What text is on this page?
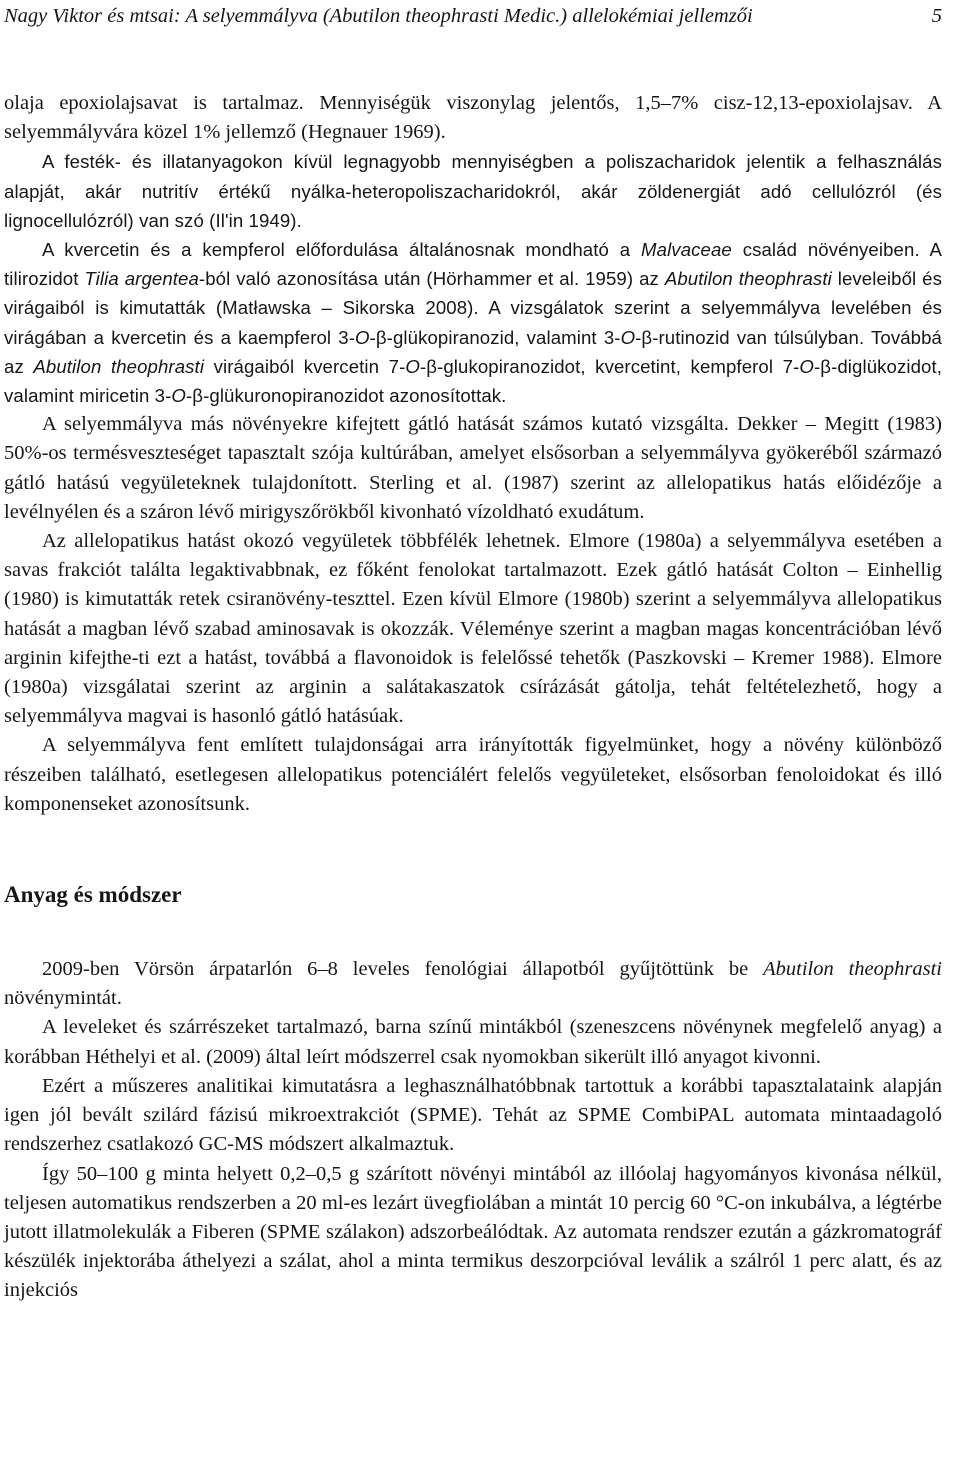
Nagy Viktor és mtsai: A selyemmályva (Abutilon theophrasti Medic.) allelokémiai jellemzői	5

olaja epoxiolajsavat is tartalmaz. Mennyiségük viszonylag jelentős, 1,5–7% cisz-12,13-epoxiolajsav. A selyemmályvára közel 1% jellemző (Hegnauer 1969).

A festék- és illatanyagokon kívül legnagyobb mennyiségben a poliszacharidok jelentik a felhasználás alapját, akár nutritív értékű nyálka-heteropoliszacharidokról, akár zöldenergiát adó cellulózról (és lignocellulózról) van szó (Il'in 1949).

A kvercetin és a kempferol előfordulása általánosnak mondható a Malvaceae család növényeiben. A tilirozidot Tilia argentea-ból való azonosítása után (Hörhammer et al. 1959) az Abutilon theophrasti leveleiből és virágaiból is kimutatták (Matławska – Sikorska 2008). A vizsgálatok szerint a selyemmályva levelében és virágában a kvercetin és a kaempferol 3-O-β-glükopiranozid, valamint 3-O-β-rutinozid van túlsúlyban. Továbbá az Abutilon theophrasti virágaiból kvercetin 7-O-β-glukopiranozidot, kvercetint, kempferol 7-O-β-diglükozidot, valamint miricetin 3-O-β-glükuronopiranozidot azonosítottak.

A selyemmályva más növényekre kifejtett gátló hatását számos kutató vizsgálta. Dekker – Megitt (1983) 50%-os termésveszteséget tapasztalt szója kultúrában, amelyet elsősorban a selyemmályva gyökeréből származó gátló hatású vegyületeknek tulajdonított. Sterling et al. (1987) szerint az allelopatikus hatás előidézője a levélnyélen és a száron lévő mirigyszőrökből kivonható vízoldható exudátum.

Az allelopatikus hatást okozó vegyületek többfélék lehetnek. Elmore (1980a) a selyemmályva esetében a savas frakciót találta legaktivabbnak, ez főként fenolokat tartalmazott. Ezek gátló hatását Colton – Einhellig (1980) is kimutatták retek csiranövény-teszttel. Ezen kívül Elmore (1980b) szerint a selyemmályva allelopatikus hatását a magban lévő szabad aminosavak is okozzák. Véleménye szerint a magban magas koncentrációban lévő arginin kifejthe-ti ezt a hatást, továbbá a flavonoidok is felelőssé tehetők (Paszkovski – Kremer 1988). Elmore (1980a) vizsgálatai szerint az arginin a salátakaszatok csírázását gátolja, tehát feltételezhető, hogy a selyemmályva magvai is hasonló gátló hatásúak.

A selyemmályva fent említett tulajdonságai arra irányították figyelmünket, hogy a növény különböző részeiben található, esetlegesen allelopatikus potenciálért felelős vegyületeket, elsősorban fenoloidokat és illó komponenseket azonosítsunk.

Anyag és módszer

2009-ben Vörsön árpatarlón 6–8 leveles fenológiai állapotból gyűjtöttünk be Abutilon theophrasti növénymintát.

A leveleket és szárrészeket tartalmazó, barna színű mintákból (szeneszcens növénynek megfelelő anyag) a korábban Héthelyi et al. (2009) által leírt módszerrel csak nyomokban sikerült illó anyagot kivonni.

Ezért a műszeres analitikai kimutatásra a leghasználhatóbbnak tartottuk a korábbi tapasztalataink alapján igen jól bevált szilárd fázisú mikroextrakciót (SPME). Tehát az SPME CombiPAL automata mintaadagoló rendszerhez csatlakozó GC-MS módszert alkalmaztuk.

Így 50–100 g minta helyett 0,2–0,5 g szárított növényi mintából az illóolaj hagyományos kivonása nélkül, teljesen automatikus rendszerben a 20 ml-es lezárt üvegfiolában a mintát 10 percig 60 °C-on inkubálva, a légtérbe jutott illatmolekulák a Fiberen (SPME szálakon) adszorbeálódtak. Az automata rendszer ezután a gázkromatográf készülék injektorába áthelyezi a szálat, ahol a minta termikus deszorpcióval leválik a szálról 1 perc alatt, és az injekciós
